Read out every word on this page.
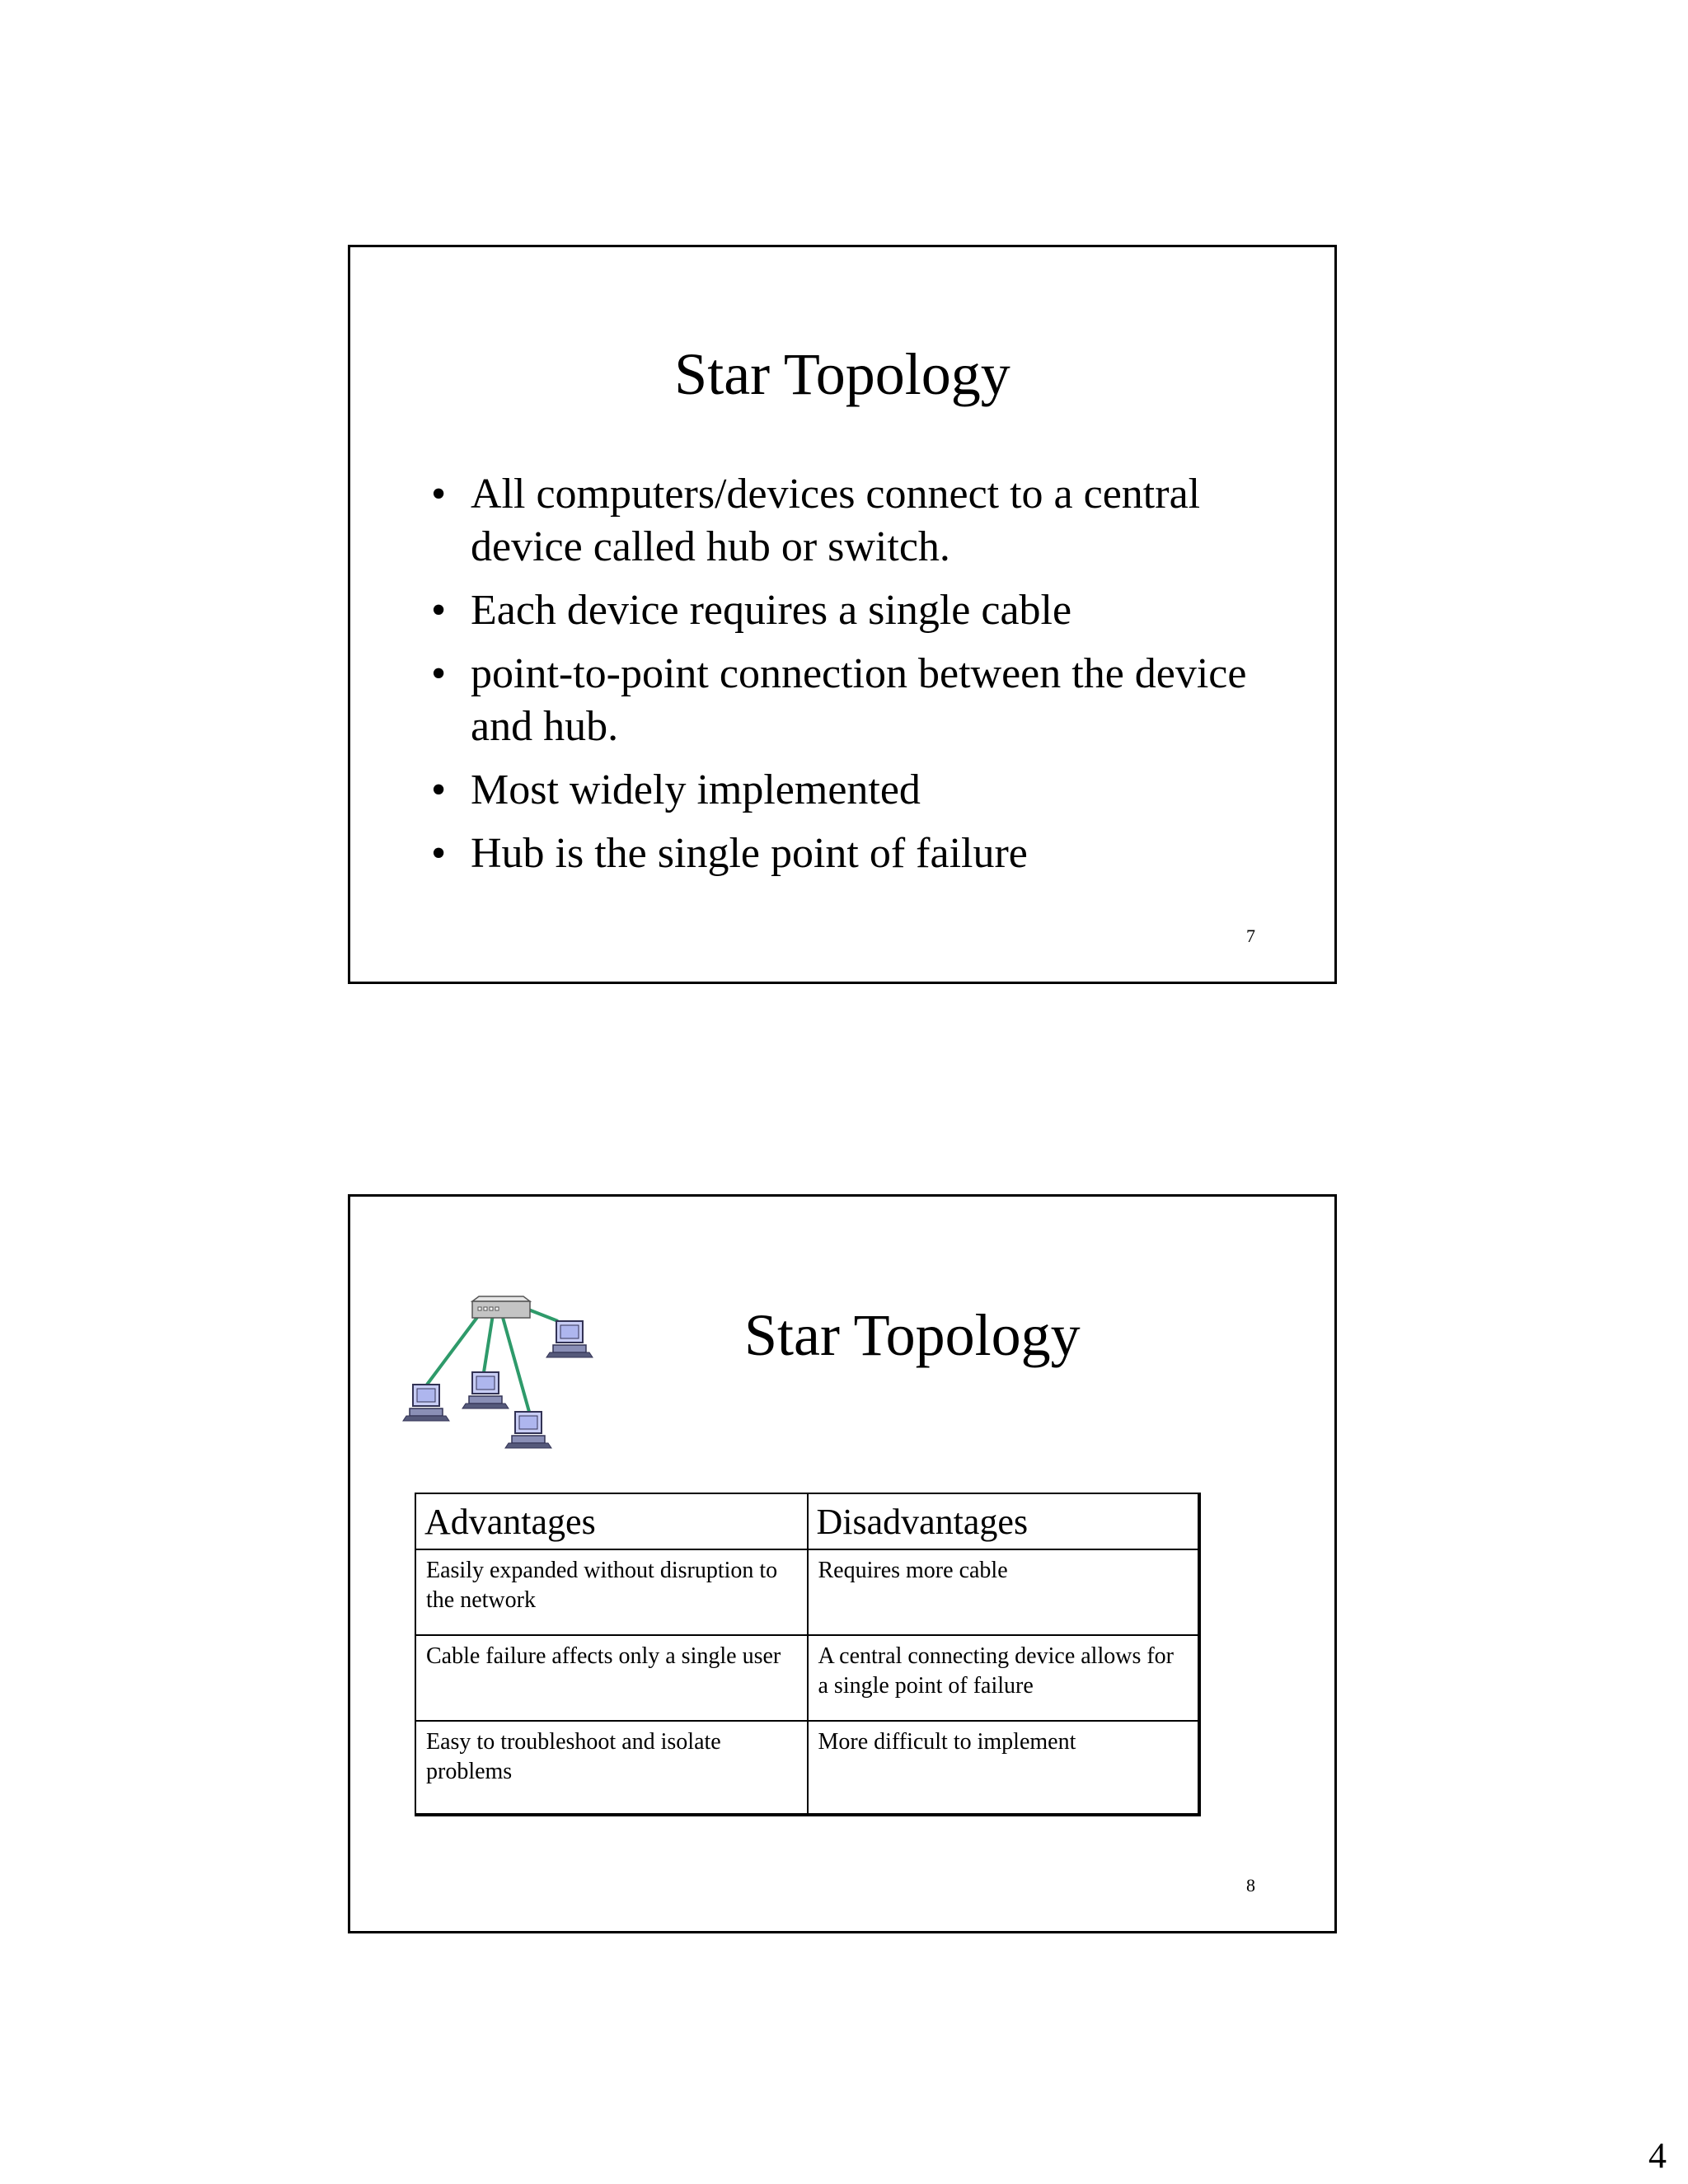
Star Topology
• All computers/devices connect to a central device called hub or switch.
• Each device requires a single cable
• point-to-point connection between the device and hub.
• Most widely implemented
• Hub is the single point of failure
7
Star Topology
Advantages	Disadvantages
Easily expanded without disruption to the network	Requires more cable
Cable failure affects only a single user	A central connecting device allows for a single point of failure
Easy to troubleshoot and isolate problems	More difficult to implement
8
4
